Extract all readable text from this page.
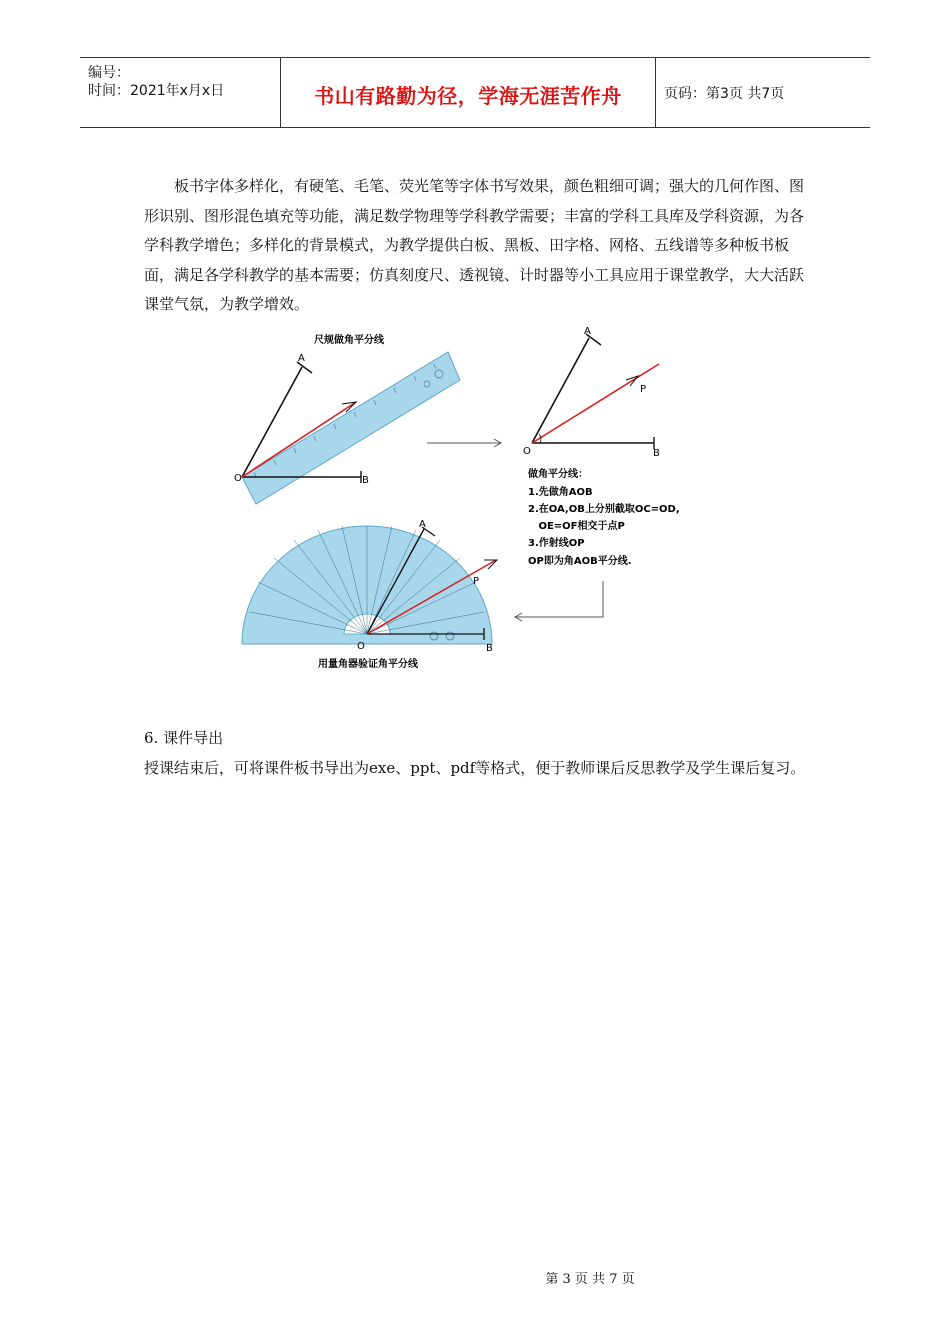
编号：
时间：2021年x月x日	书山有路勤为径，学海无涯苦作舟	页码：第3页 共7页

板书字体多样化，有硬笔、毛笔、荧光笔等字体书写效果，颜色粗细可调；强大的几何作图、图形识别、图形混色填充等功能，满足数学物理等学科教学需要；丰富的学科工具库及学科资源，为各学科教学增色；多样化的背景模式，为教学提供白板、黑板、田字格、网格、五线谱等多种板书板面，满足各学科教学的基本需要；仿真刻度尺、透视镜、计时器等小工具应用于课堂教学，大大活跃课堂气氛，为教学增效。

尺规做角平分线
A
O	B
A
P
O	B
做角平分线：
1.先做角AOB
2.在OA,OB上分别截取OC=OD,
OE=OF相交于点P
3.作射线OP
OP即为角AOB平分线.
A
P
O	B
用量角器验证角平分线

6. 课件导出

授课结束后，可将课件板书导出为exe、ppt、pdf等格式，便于教师课后反思教学及学生课后复习。

第 3 页 共 7 页
